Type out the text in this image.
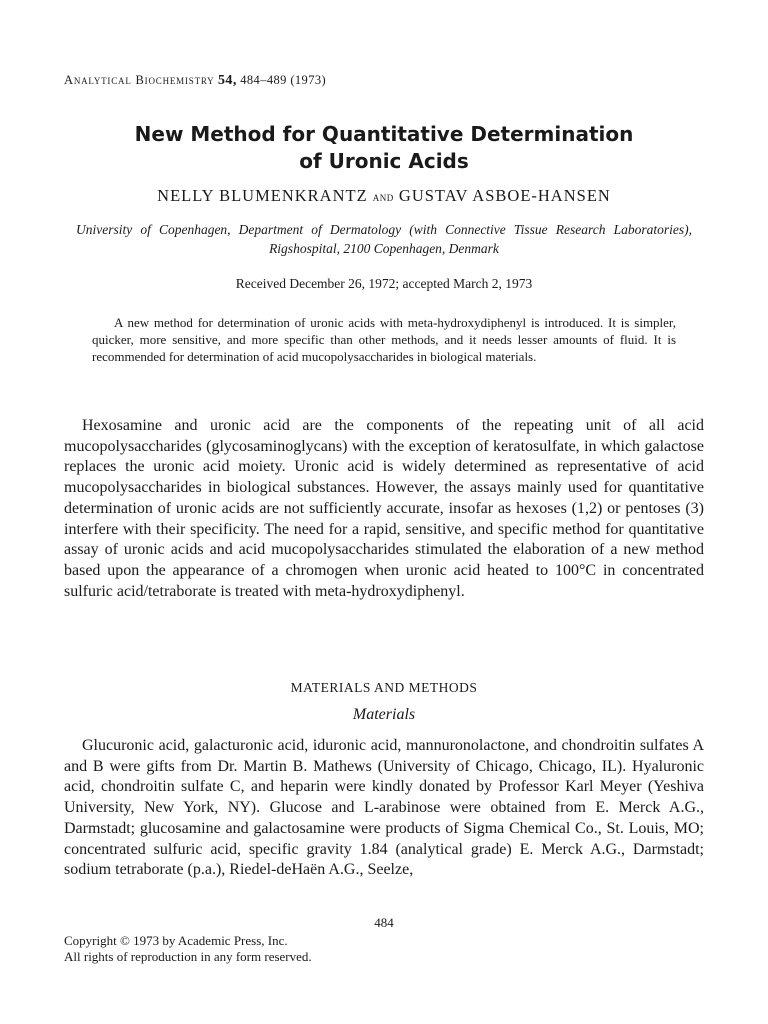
Analytical Biochemistry 54, 484–489 (1973)
New Method for Quantitative Determination
of Uronic Acids
NELLY BLUMENKRANTZ and GUSTAV ASBOE-HANSEN
University of Copenhagen, Department of Dermatology (with Connective Tissue Research Laboratories), Rigshospital, 2100 Copenhagen, Denmark
Received December 26, 1972; accepted March 2, 1973
A new method for determination of uronic acids with meta-hydroxydiphenyl is introduced. It is simpler, quicker, more sensitive, and more specific than other methods, and it needs lesser amounts of fluid. It is recommended for determination of acid mucopolysaccharides in biological materials.
Hexosamine and uronic acid are the components of the repeating unit of all acid mucopolysaccharides (glycosaminoglycans) with the exception of keratosulfate, in which galactose replaces the uronic acid moiety. Uronic acid is widely determined as representative of acid mucopolysaccharides in biological substances. However, the assays mainly used for quantitative determination of uronic acids are not sufficiently accurate, insofar as hexoses (1,2) or pentoses (3) interfere with their specificity. The need for a rapid, sensitive, and specific method for quantitative assay of uronic acids and acid mucopolysaccharides stimulated the elaboration of a new method based upon the appearance of a chromogen when uronic acid heated to 100°C in concentrated sulfuric acid/tetraborate is treated with meta-hydroxydiphenyl.
MATERIALS AND METHODS
Materials
Glucuronic acid, galacturonic acid, iduronic acid, mannuronolactone, and chondroitin sulfates A and B were gifts from Dr. Martin B. Mathews (University of Chicago, Chicago, IL). Hyaluronic acid, chondroitin sulfate C, and heparin were kindly donated by Professor Karl Meyer (Yeshiva University, New York, NY). Glucose and L-arabinose were obtained from E. Merck A.G., Darmstadt; glucosamine and galactosamine were products of Sigma Chemical Co., St. Louis, MO; concentrated sulfuric acid, specific gravity 1.84 (analytical grade) E. Merck A.G., Darmstadt; sodium tetraborate (p.a.), Riedel-deHaën A.G., Seelze,
484
Copyright © 1973 by Academic Press, Inc.
All rights of reproduction in any form reserved.
